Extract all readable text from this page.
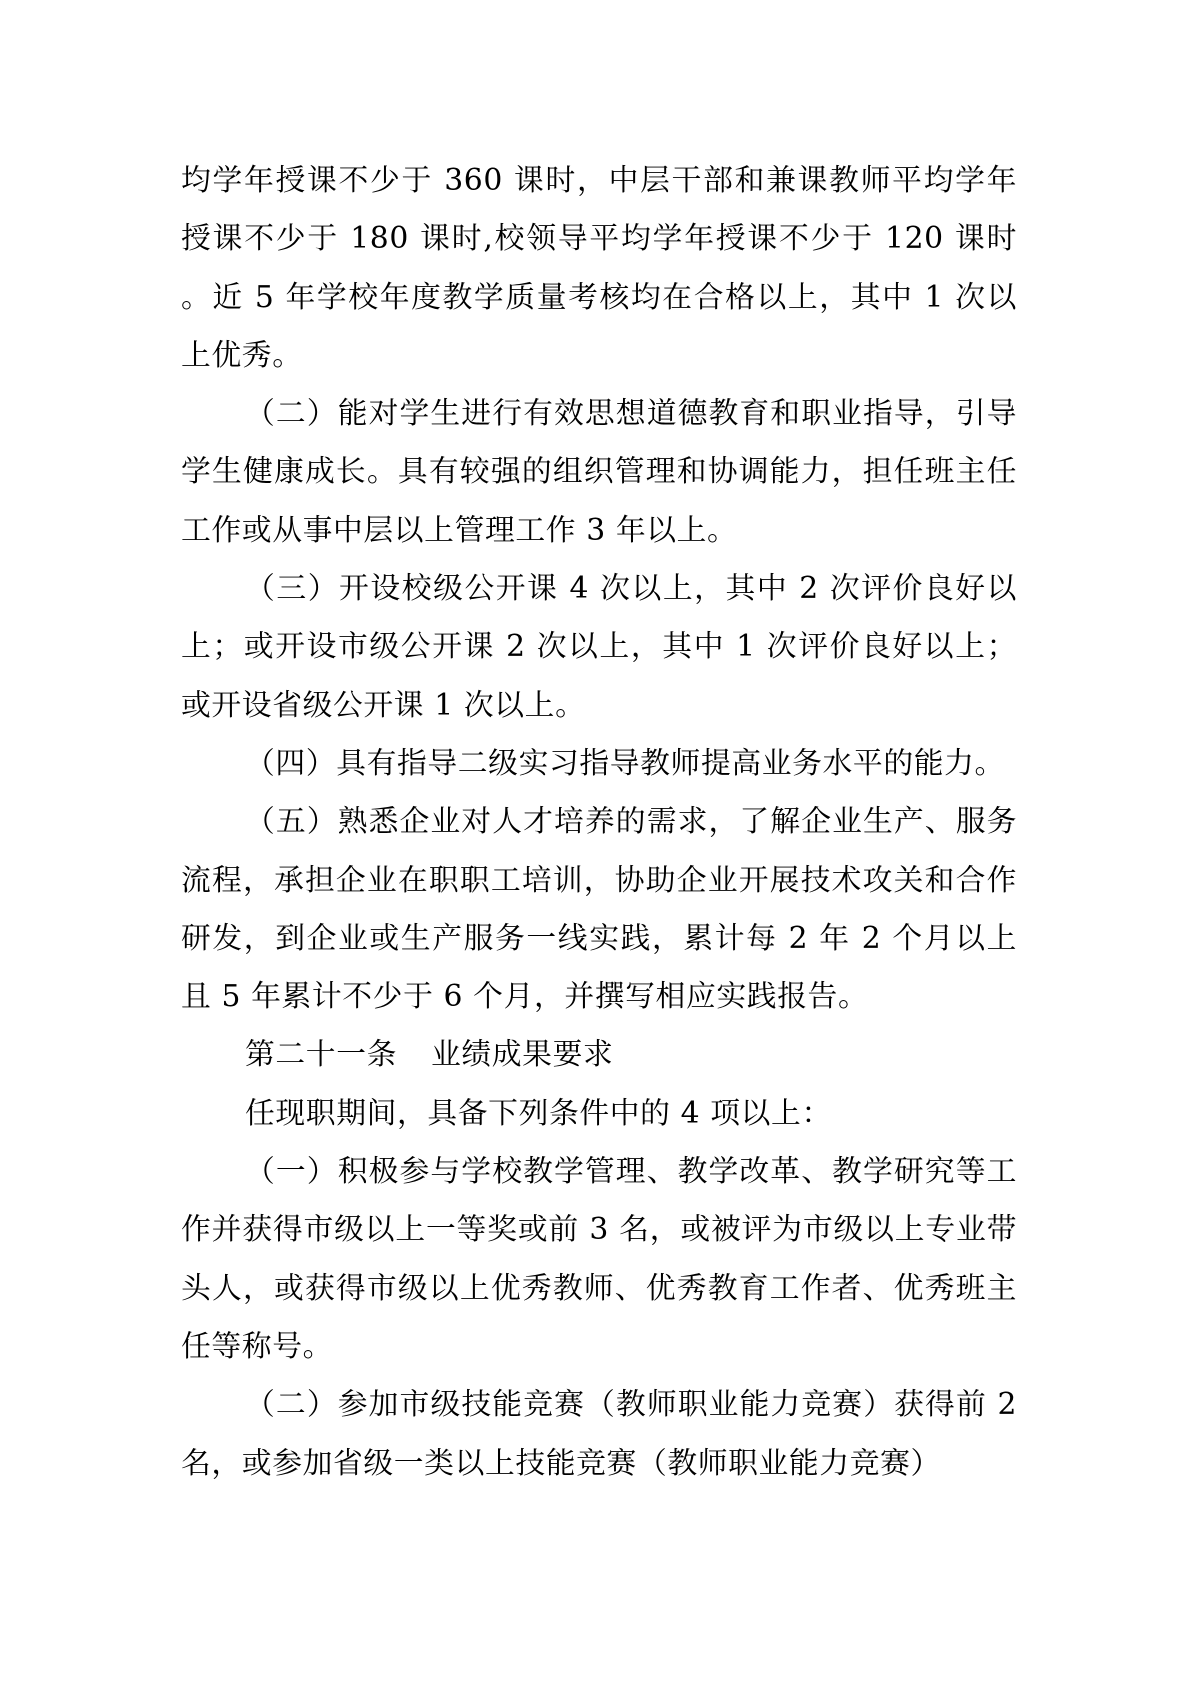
均学年授课不少于 360 课时，中层干部和兼课教师平均学年授课不少于 180 课时,校领导平均学年授课不少于 120 课时。近 5 年学校年度教学质量考核均在合格以上，其中 1 次以上优秀。

（二）能对学生进行有效思想道德教育和职业指导，引导学生健康成长。具有较强的组织管理和协调能力，担任班主任工作或从事中层以上管理工作 3 年以上。

（三）开设校级公开课 4 次以上，其中 2 次评价良好以上；或开设市级公开课 2 次以上，其中 1 次评价良好以上；或开设省级公开课 1 次以上。

（四）具有指导二级实习指导教师提高业务水平的能力。

（五）熟悉企业对人才培养的需求，了解企业生产、服务流程，承担企业在职职工培训，协助企业开展技术攻关和合作研发，到企业或生产服务一线实践，累计每 2 年 2 个月以上且 5 年累计不少于 6 个月，并撰写相应实践报告。

第二十一条 业绩成果要求

任现职期间，具备下列条件中的 4 项以上：

（一）积极参与学校教学管理、教学改革、教学研究等工作并获得市级以上一等奖或前 3 名，或被评为市级以上专业带头人，或获得市级以上优秀教师、优秀教育工作者、优秀班主任等称号。

（二）参加市级技能竞赛（教师职业能力竞赛）获得前 2 名，或参加省级一类以上技能竞赛（教师职业能力竞赛）
